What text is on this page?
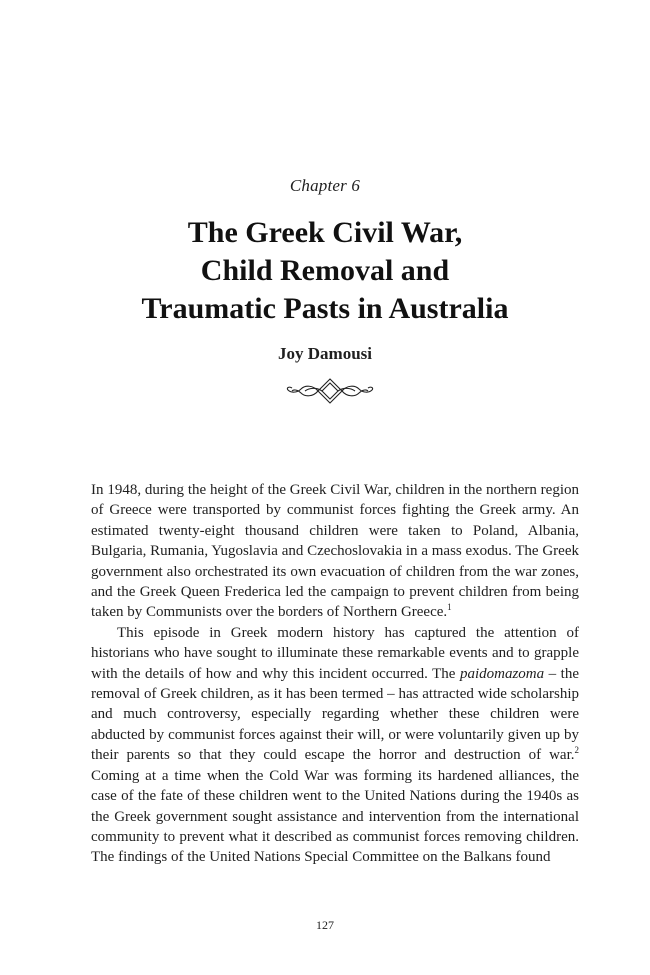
Chapter 6
The Greek Civil War,
Child Removal and
Traumatic Pasts in Australia
Joy Damousi

In 1948, during the height of the Greek Civil War, children in the northern region of Greece were transported by communist forces fighting the Greek army. An estimated twenty-eight thousand children were taken to Poland, Albania, Bulgaria, Rumania, Yugoslavia and Czechoslovakia in a mass exodus. The Greek government also orchestrated its own evacuation of children from the war zones, and the Greek Queen Frederica led the campaign to prevent children from being taken by Communists over the borders of Northern Greece.$^1$

This episode in Greek modern history has captured the attention of historians who have sought to illuminate these remarkable events and to grapple with the details of how and why this incident occurred. The paidomazoma – the removal of Greek children, as it has been termed – has attracted wide scholarship and much controversy, especially regarding whether these children were abducted by communist forces against their will, or were voluntarily given up by their parents so that they could escape the horror and destruction of war.$^2$ Coming at a time when the Cold War was forming its hardened alliances, the case of the fate of these children went to the United Nations during the 1940s as the Greek government sought assistance and intervention from the international community to prevent what it described as communist forces removing children. The findings of the United Nations Special Committee on the Balkans found

127
